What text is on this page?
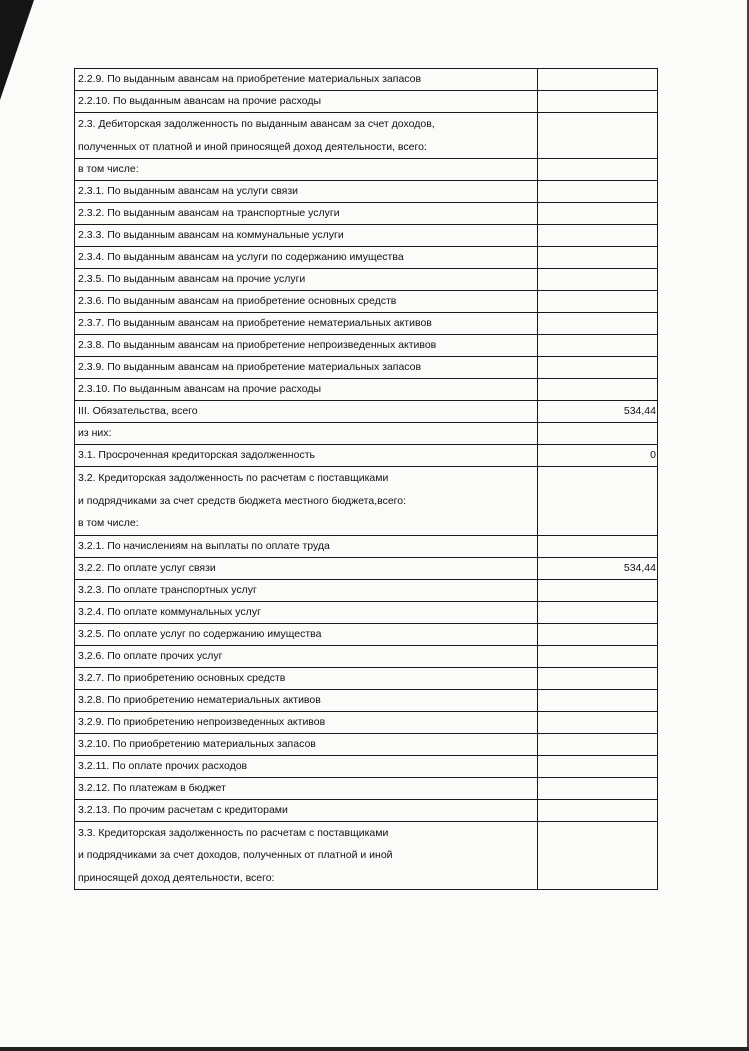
2.2.9. По выданным авансам на приобретение материальных запасов	
2.2.10. По выданным авансам на прочие расходы	

2.3. Дебиторская задолженность по выданным авансам за счет доходов,
полученных от платной и иной приносящей доход деятельности, всего:	

в том числе:	
2.3.1. По выданным авансам на услуги связи	
2.3.2. По выданным авансам на транспортные услуги	
2.3.3. По выданным авансам на коммунальные услуги	
2.3.4. По выданным авансам на услуги по содержанию имущества	
2.3.5. По выданным авансам на прочие услуги	
2.3.6. По выданным авансам на приобретение основных средств	
2.3.7. По выданным авансам на приобретение нематериальных активов	
2.3.8. По выданным авансам на приобретение непроизведенных активов	
2.3.9. По выданным авансам на приобретение материальных запасов	
2.3.10. По выданным авансам на прочие расходы	
III. Обязательства, всего	534,44
из них:	
3.1. Просроченная кредиторская задолженность	0

3.2. Кредиторская задолженность по расчетам с поставщиками
и подрядчиками за счет средств бюджета местного бюджета,всего:
в том числе:	

3.2.1. По начислениям на выплаты по оплате труда	
3.2.2. По оплате услуг связи	534,44
3.2.3. По оплате транспортных услуг	
3.2.4. По оплате коммунальных услуг	
3.2.5. По оплате услуг по содержанию имущества	
3.2.6. По оплате прочих услуг	
3.2.7. По приобретению основных средств	
3.2.8. По приобретению нематериальных активов	
3.2.9. По приобретению непроизведенных активов	
3.2.10. По приобретению материальных запасов	
3.2.11. По оплате прочих расходов	
3.2.12. По платежам в бюджет	
3.2.13. По прочим расчетам с кредиторами	

3.3. Кредиторская задолженность по расчетам с поставщиками
и подрядчиками за счет доходов, полученных от платной и иной
приносящей доход деятельности, всего:	
